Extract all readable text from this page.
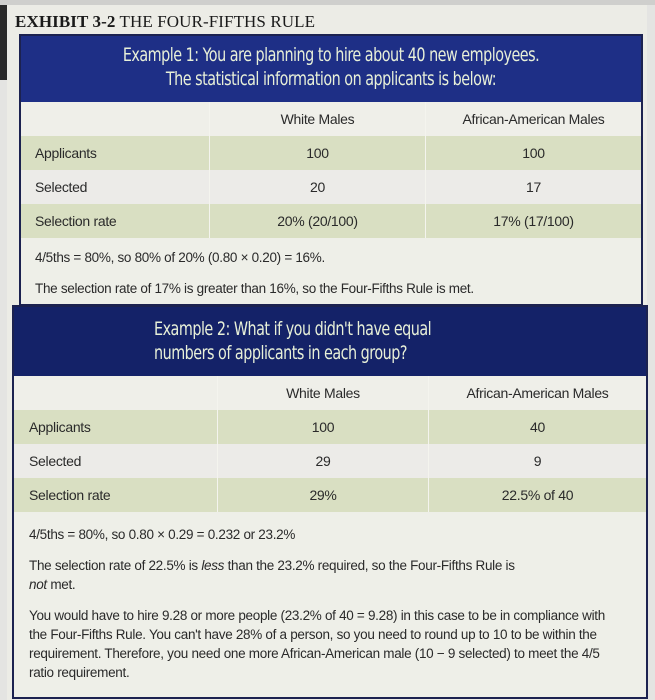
EXHIBIT 3-2 THE FOUR-FIFTHS RULE
Example 1: You are planning to hire about 40 new employees.
The statistical information on applicants is below:
	White Males	African-American Males
Applicants	100	100
Selected	20	17
Selection rate	20% (20/100)	17% (17/100)
4/5ths = 80%, so 80% of 20% (0.80 × 0.20) = 16%.
The selection rate of 17% is greater than 16%, so the Four-Fifths Rule is met.
Example 2: What if you didn't have equal
numbers of applicants in each group?
	White Males	African-American Males
Applicants	100	40
Selected	29	9
Selection rate	29%	22.5% of 40
4/5ths = 80%, so 0.80 × 0.29 = 0.232 or 23.2%
The selection rate of 22.5% is less than the 23.2% required, so the Four-Fifths Rule is
not met.
You would have to hire 9.28 or more people (23.2% of 40 = 9.28) in this case to be in compliance with the Four-Fifths Rule. You can't have 28% of a person, so you need to round up to 10 to be within the requirement. Therefore, you need one more African-American male (10 − 9 selected) to meet the 4/5 ratio requirement.
